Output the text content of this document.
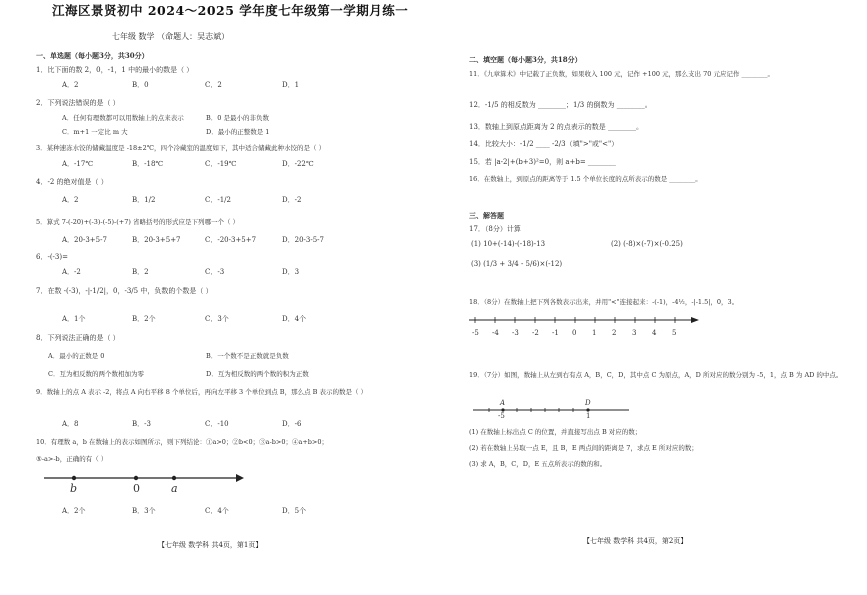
江海区景贤初中 2024～2025 学年度七年级第一学期月练一
七年级 数学 （命题人：吴志斌）
一、单选题（每小题3分，共30分）
1．比下面的数 2，0，-1，1 中的最小的数是（ ）
A．2	B．0	C．2	D．1
2．下列说法错误的是（ ）
A．任何有理数都可以用数轴上的点来表示	B．0 是最小的非负数
C．m+1 一定比 m 大	D．最小的正整数是 1
3．某种速冻水饺的储藏温度是 -18±2℃，四个冷藏室的温度如下，其中适合储藏此种水饺的是（ ）
A．-17℃	B．-18℃	C．-19℃	D．-22℃
4．-2 的绝对值是（ ）
A．2	B．1/2	C．-1/2	D．-2
5．算式 7-(-20)+(-3)-(-5)-(+7) 省略括号的形式应是下列哪一个（ ）
A．20-3+5-7	B．20-3+5+7	C．-20-3+5+7	D．20-3-5-7
6．-(-3)=
A．-2	B．2	C．-3	D．3
7．在数 -(-3)，-|-1/2|，0，-3/5 中，负数的个数是（ ）
A．1个	B．2个	C．3个	D．4个
8．下列说法正确的是（ ）
A．最小的正数是 0	B．一个数不是正数就是负数
C．互为相反数的两个数相加为零	D．互为相反数的两个数的积为正数
9．数轴上的点 A 表示 -2，将点 A 向右平移 8 个单位后，再向左平移 3 个单位到点 B，那么点 B 表示的数是（ ）
A．8	B．-3	C．-10	D．-6
10．有理数 a，b 在数轴上的表示如图所示，则下列结论：①a>0；②b<0；③a-b>0；④a+b>0；
⑤-a>-b，正确的有（ ）
b	0	a
A．2个	B．3个	C．4个	D．5个
【七年级 数学科 共4页，第1页】
二、填空题（每小题3分，共18分）
11．《九章算术》中记载了正负数，如果收入 100 元，记作 +100 元，那么支出 70 元应记作 ________。
12．-1/5 的相反数为 ________；1/3 的倒数为 ________。
13．数轴上到原点距离为 2 的点表示的数是 ________。
14．比较大小：-1/2 ____ -2/3（填">"或"<"）
15．若 |a-2|+(b+3)²=0，则 a+b= ________
16．在数轴上，到原点的距离等于 1.5 个单位长度的点所表示的数是 ________。
三、解答题
17．（8分）计算
(1) 10+(-14)-(-18)-13	(2) (-8)×(-7)×(-0.25)
(3) (1/3 + 3/4 - 5/6)×(-12)
18．（8分）在数轴上把下列各数表示出来，并用"<"连接起来：-(-1)，-4½，-|-1.5|，0，3。
-5 -4 -3 -2 -1 0 1 2 3 4 5
19．（7分）如图，数轴上从左到右有点 A，B，C，D，其中点 C 为原点，A，D 所对应的数分别为 -5，1，点 B 为 AD 的中点。
A	D
-5	1
(1) 在数轴上标出点 C 的位置，并直接写出点 B 对应的数；
(2) 若在数轴上另取一点 E，且 B，E 两点间的距离是 7，求点 E 所对应的数；
(3) 求 A，B，C，D，E 五点所表示的数的和。
【七年级 数学科 共4页，第2页】
